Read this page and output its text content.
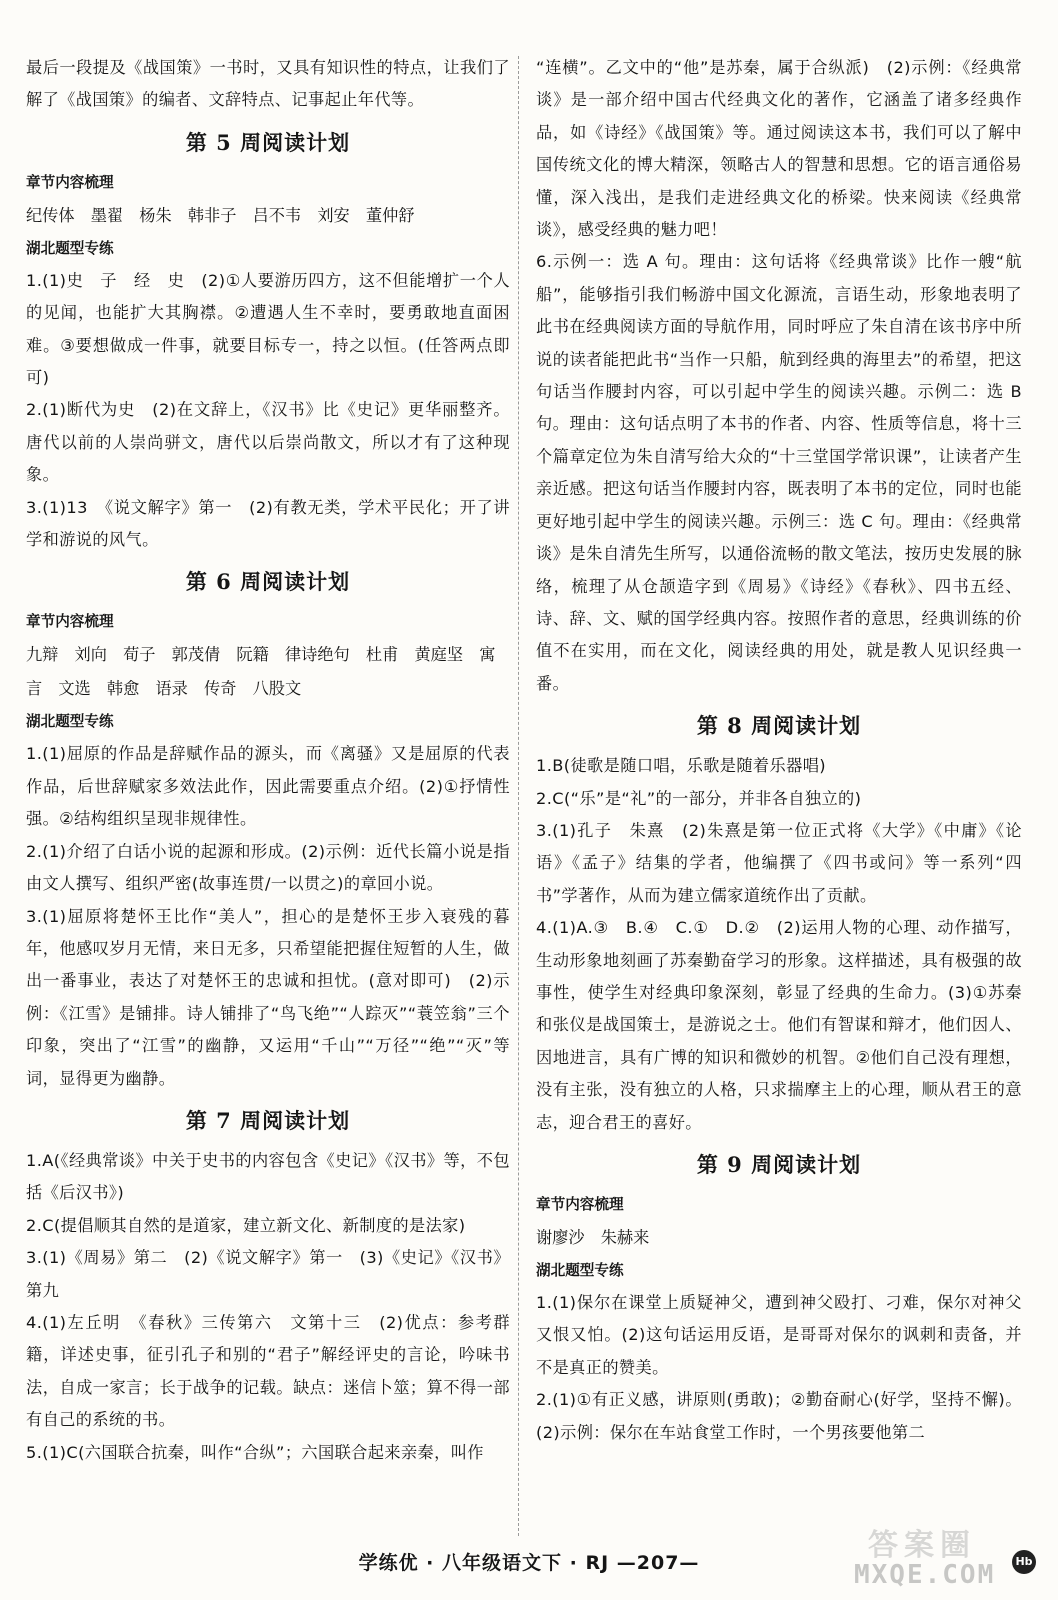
最后一段提及《战国策》一书时，又具有知识性的特点，让我们了解了《战国策》的编者、文辞特点、记事起止年代等。
第 5 周阅读计划
章节内容梳理
纪传体　墨翟　杨朱　韩非子　吕不韦　刘安　董仲舒
湖北题型专练
1.(1)史　子　经　史　(2)①人要游历四方，这不但能增扩一个人的见闻，也能扩大其胸襟。②遭遇人生不幸时，要勇敢地直面困难。③要想做成一件事，就要目标专一，持之以恒。(任答两点即可)
2.(1)断代为史　(2)在文辞上，《汉书》比《史记》更华丽整齐。唐代以前的人崇尚骈文，唐代以后崇尚散文，所以才有了这种现象。
3.(1)13　《说文解字》第一　(2)有教无类，学术平民化；开了讲学和游说的风气。
第 6 周阅读计划
章节内容梳理
九辩　刘向　荀子　郭茂倩　阮籍　律诗绝句　杜甫　黄庭坚　寓言　文选　韩愈　语录　传奇　八股文
湖北题型专练
1.(1)屈原的作品是辞赋作品的源头，而《离骚》又是屈原的代表作品，后世辞赋家多效法此作，因此需要重点介绍。(2)①抒情性强。②结构组织呈现非规律性。
2.(1)介绍了白话小说的起源和形成。(2)示例：近代长篇小说是指由文人撰写、组织严密(故事连贯/一以贯之)的章回小说。
3.(1)屈原将楚怀王比作“美人”，担心的是楚怀王步入衰残的暮年，他感叹岁月无情，来日无多，只希望能把握住短暂的人生，做出一番事业，表达了对楚怀王的忠诚和担忧。(意对即可)　(2)示例：《江雪》是铺排。诗人铺排了“鸟飞绝”“人踪灭”“蓑笠翁”三个印象，突出了“江雪”的幽静，又运用“千山”“万径”“绝”“灭”等词，显得更为幽静。
第 7 周阅读计划
1.A(《经典常谈》中关于史书的内容包含《史记》《汉书》等，不包括《后汉书》)
2.C(提倡顺其自然的是道家，建立新文化、新制度的是法家)
3.(1)《周易》第二　(2)《说文解字》第一　(3)《史记》《汉书》第九
4.(1)左丘明　《春秋》三传第六　文第十三　(2)优点：参考群籍，详述史事，征引孔子和别的“君子”解经评史的言论，吟味书法，自成一家言；长于战争的记载。缺点：迷信卜筮；算不得一部有自己的系统的书。
5.(1)C(六国联合抗秦，叫作“合纵”；六国联合起来亲秦，叫作
“连横”。乙文中的“他”是苏秦，属于合纵派)　(2)示例：《经典常谈》是一部介绍中国古代经典文化的著作，它涵盖了诸多经典作品，如《诗经》《战国策》等。通过阅读这本书，我们可以了解中国传统文化的博大精深，领略古人的智慧和思想。它的语言通俗易懂，深入浅出，是我们走进经典文化的桥梁。快来阅读《经典常谈》，感受经典的魅力吧！
6.示例一：选 A 句。理由：这句话将《经典常谈》比作一艘“航船”，能够指引我们畅游中国文化源流，言语生动，形象地表明了此书在经典阅读方面的导航作用，同时呼应了朱自清在该书序中所说的读者能把此书“当作一只船，航到经典的海里去”的希望，把这句话当作腰封内容，可以引起中学生的阅读兴趣。示例二：选 B 句。理由：这句话点明了本书的作者、内容、性质等信息，将十三个篇章定位为朱自清写给大众的“十三堂国学常识课”，让读者产生亲近感。把这句话当作腰封内容，既表明了本书的定位，同时也能更好地引起中学生的阅读兴趣。示例三：选 C 句。理由：《经典常谈》是朱自清先生所写，以通俗流畅的散文笔法，按历史发展的脉络，梳理了从仓颉造字到《周易》《诗经》《春秋》、四书五经、诗、辞、文、赋的国学经典内容。按照作者的意思，经典训练的价值不在实用，而在文化，阅读经典的用处，就是教人见识经典一番。
第 8 周阅读计划
1.B(徒歌是随口唱，乐歌是随着乐器唱)
2.C(“乐”是“礼”的一部分，并非各自独立的)
3.(1)孔子　朱熹　(2)朱熹是第一位正式将《大学》《中庸》《论语》《孟子》结集的学者，他编撰了《四书或问》等一系列“四书”学著作，从而为建立儒家道统作出了贡献。
4.(1)A.③　B.④　C.①　D.②　(2)运用人物的心理、动作描写，生动形象地刻画了苏秦勤奋学习的形象。这样描述，具有极强的故事性，使学生对经典印象深刻，彰显了经典的生命力。(3)①苏秦和张仪是战国策士，是游说之士。他们有智谋和辩才，他们因人、因地进言，具有广博的知识和微妙的机智。②他们自己没有理想，没有主张，没有独立的人格，只求揣摩主上的心理，顺从君王的意志，迎合君王的喜好。
第 9 周阅读计划
章节内容梳理
谢廖沙　朱赫来
湖北题型专练
1.(1)保尔在课堂上质疑神父，遭到神父殴打、刁难，保尔对神父又恨又怕。(2)这句话运用反语，是哥哥对保尔的讽刺和责备，并不是真正的赞美。
2.(1)①有正义感，讲原则(勇敢)；②勤奋耐心(好学，坚持不懈)。(2)示例：保尔在车站食堂工作时，一个男孩要他第二
学练优 · 八年级语文下 · RJ —207—	Hb
答案圈
MXQE.COM
